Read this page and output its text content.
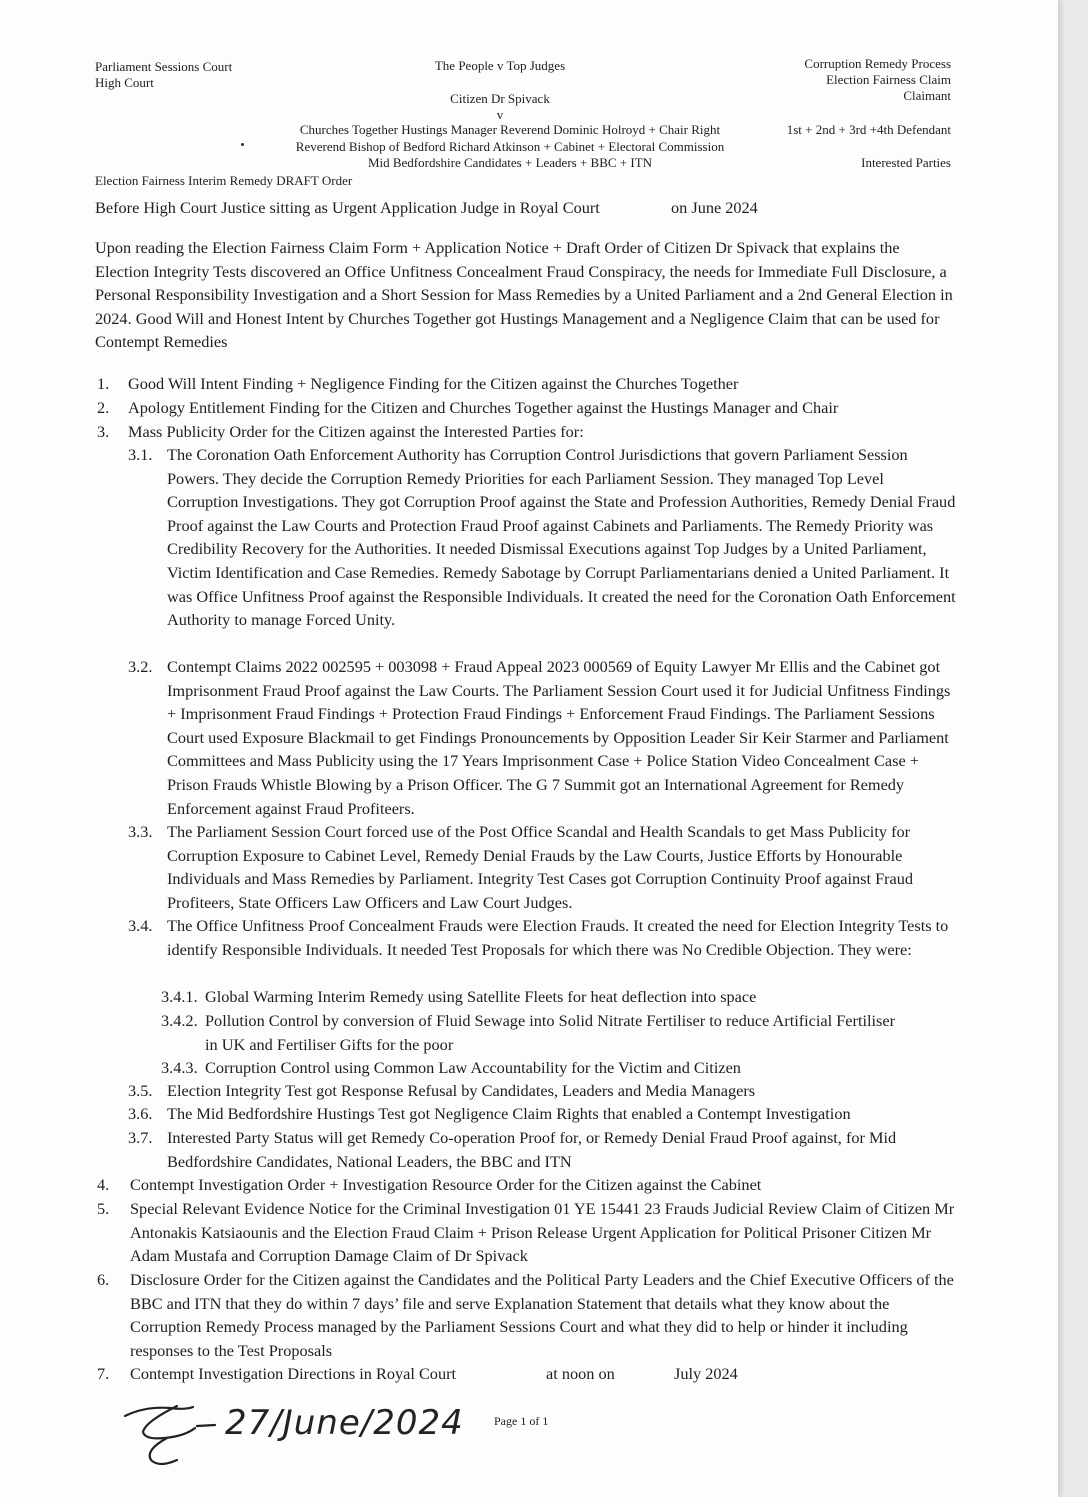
Parliament Sessions Court
High Court
The People v Top Judges
Citizen Dr Spivack
v
Churches Together Hustings Manager Reverend Dominic Holroyd + Chair Right
Reverend Bishop of Bedford Richard Atkinson + Cabinet + Electoral Commission
Mid Bedfordshire Candidates + Leaders + BBC + ITN
Corruption Remedy Process
Election Fairness Claim
Claimant
1st + 2nd + 3rd +4th Defendant
Interested Parties
Election Fairness Interim Remedy DRAFT Order
Before High Court Justice sitting as Urgent Application Judge in Royal Court	on June 2024
Upon reading the Election Fairness Claim Form + Application Notice + Draft Order of Citizen Dr Spivack that explains the Election Integrity Tests discovered an Office Unfitness Concealment Fraud Conspiracy, the needs for Immediate Full Disclosure, a Personal Responsibility Investigation and a Short Session for Mass Remedies by a United Parliament and a 2nd General Election in 2024. Good Will and Honest Intent by Churches Together got Hustings Management and a Negligence Claim that can be used for Contempt Remedies
1.	Good Will Intent Finding + Negligence Finding for the Citizen against the Churches Together
2.	Apology Entitlement Finding for the Citizen and Churches Together against the Hustings Manager and Chair
3.	Mass Publicity Order for the Citizen against the Interested Parties for:
3.1. The Coronation Oath Enforcement Authority has Corruption Control Jurisdictions that govern Parliament Session Powers. They decide the Corruption Remedy Priorities for each Parliament Session. They managed Top Level Corruption Investigations. They got Corruption Proof against the State and Profession Authorities, Remedy Denial Fraud Proof against the Law Courts and Protection Fraud Proof against Cabinets and Parliaments. The Remedy Priority was Credibility Recovery for the Authorities. It needed Dismissal Executions against Top Judges by a United Parliament, Victim Identification and Case Remedies. Remedy Sabotage by Corrupt Parliamentarians denied a United Parliament. It was Office Unfitness Proof against the Responsible Individuals. It created the need for the Coronation Oath Enforcement Authority to manage Forced Unity.
3.2. Contempt Claims 2022 002595 + 003098 + Fraud Appeal 2023 000569 of Equity Lawyer Mr Ellis and the Cabinet got Imprisonment Fraud Proof against the Law Courts. The Parliament Session Court used it for Judicial Unfitness Findings + Imprisonment Fraud Findings + Protection Fraud Findings + Enforcement Fraud Findings. The Parliament Sessions Court used Exposure Blackmail to get Findings Pronouncements by Opposition Leader Sir Keir Starmer and Parliament Committees and Mass Publicity using the 17 Years Imprisonment Case + Police Station Video Concealment Case + Prison Frauds Whistle Blowing by a Prison Officer. The G 7 Summit got an International Agreement for Remedy Enforcement against Fraud Profiteers.
3.3. The Parliament Session Court forced use of the Post Office Scandal and Health Scandals to get Mass Publicity for Corruption Exposure to Cabinet Level, Remedy Denial Frauds by the Law Courts, Justice Efforts by Honourable Individuals and Mass Remedies by Parliament. Integrity Test Cases got Corruption Continuity Proof against Fraud Profiteers, State Officers Law Officers and Law Court Judges.
3.4. The Office Unfitness Proof Concealment Frauds were Election Frauds. It created the need for Election Integrity Tests to identify Responsible Individuals. It needed Test Proposals for which there was No Credible Objection. They were:
3.4.1. Global Warming Interim Remedy using Satellite Fleets for heat deflection into space
3.4.2. Pollution Control by conversion of Fluid Sewage into Solid Nitrate Fertiliser to reduce Artificial Fertiliser in UK and Fertiliser Gifts for the poor
3.4.3. Corruption Control using Common Law Accountability for the Victim and Citizen
3.5. Election Integrity Test got Response Refusal by Candidates, Leaders and Media Managers
3.6. The Mid Bedfordshire Hustings Test got Negligence Claim Rights that enabled a Contempt Investigation
3.7. Interested Party Status will get Remedy Co-operation Proof for, or Remedy Denial Fraud Proof against, for Mid Bedfordshire Candidates, National Leaders, the BBC and ITN
4.	Contempt Investigation Order + Investigation Resource Order for the Citizen against the Cabinet
5.	Special Relevant Evidence Notice for the Criminal Investigation 01 YE 15441 23 Frauds Judicial Review Claim of Citizen Mr Antonakis Katsiaounis and the Election Fraud Claim + Prison Release Urgent Application for Political Prisoner Citizen Mr Adam Mustafa and Corruption Damage Claim of Dr Spivack
6.	Disclosure Order for the Citizen against the Candidates and the Political Party Leaders and the Chief Executive Officers of the BBC and ITN that they do within 7 days’ file and serve Explanation Statement that details what they know about the Corruption Remedy Process managed by the Parliament Sessions Court and what they did to help or hinder it including responses to the Test Proposals
7.	Contempt Investigation Directions in Royal Court	at noon on	July 2024
27/June/2024	Page 1 of 1
